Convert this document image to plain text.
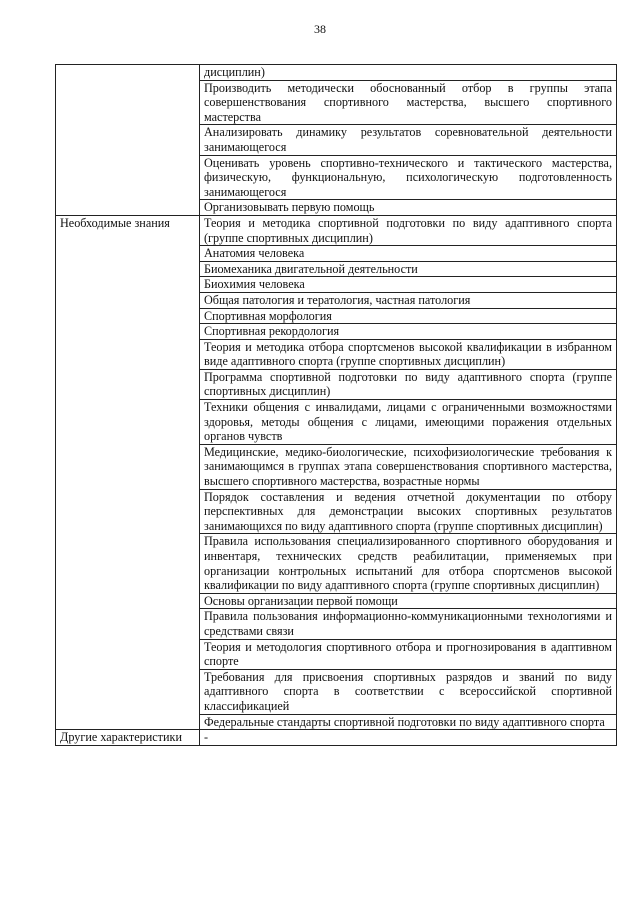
38
	дисциплин)
	Производить методически обоснованный отбор в группы этапа совершенствования спортивного мастерства, высшего спортивного мастерства
	Анализировать динамику результатов соревновательной деятельности занимающегося
	Оценивать уровень спортивно-технического и тактического мастерства, физическую, функциональную, психологическую подготовленность занимающегося
	Организовывать первую помощь
Необходимые знания	Теория и методика спортивной подготовки по виду адаптивного спорта (группе спортивных дисциплин)
	Анатомия человека
	Биомеханика двигательной деятельности
	Биохимия человека
	Общая патология и тератология, частная патология
	Спортивная морфология
	Спортивная рекордология
	Теория и методика отбора спортсменов высокой квалификации в избранном виде адаптивного спорта (группе спортивных дисциплин)
	Программа спортивной подготовки по виду адаптивного спорта (группе спортивных дисциплин)
	Техники общения с инвалидами, лицами с ограниченными возможностями здоровья, методы общения с лицами, имеющими поражения отдельных органов чувств
	Медицинские, медико-биологические, психофизиологические требования к занимающимся в группах этапа совершенствования спортивного мастерства, высшего спортивного мастерства, возрастные нормы
	Порядок составления и ведения отчетной документации по отбору перспективных для демонстрации высоких спортивных результатов занимающихся по виду адаптивного спорта (группе спортивных дисциплин)
	Правила использования специализированного спортивного оборудования и инвентаря, технических средств реабилитации, применяемых при организации контрольных испытаний для отбора спортсменов высокой квалификации по виду адаптивного спорта (группе спортивных дисциплин)
	Основы организации первой помощи
	Правила пользования информационно-коммуникационными технологиями и средствами связи
	Теория и методология спортивного отбора и прогнозирования в адаптивном спорте
	Требования для присвоения спортивных разрядов и званий по виду адаптивного спорта в соответствии с всероссийской спортивной классификацией
	Федеральные стандарты спортивной подготовки по виду адаптивного спорта
Другие характеристики	-
